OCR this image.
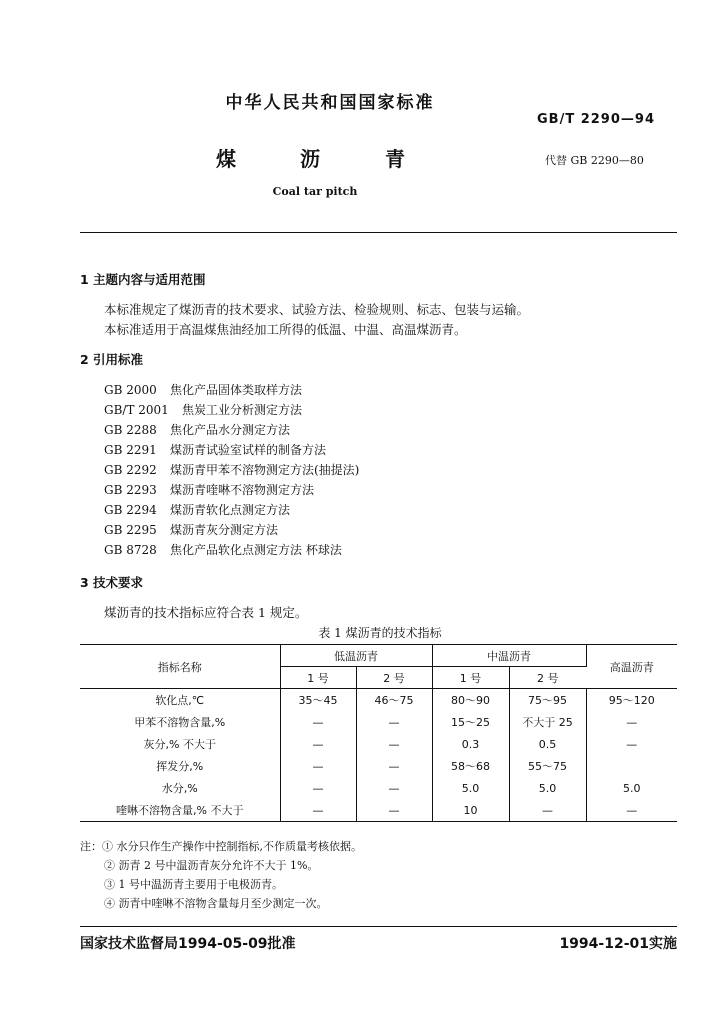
中华人民共和国国家标准
GB/T 2290—94
煤	沥	青	代替 GB 2290—80
Coal tar pitch
1 主题内容与适用范围
本标准规定了煤沥青的技术要求、试验方法、检验规则、标志、包装与运输。
本标准适用于高温煤焦油经加工所得的低温、中温、高温煤沥青。
2 引用标准
GB 2000 焦化产品固体类取样方法
GB/T 2001 焦炭工业分析测定方法
GB 2288 焦化产品水分测定方法
GB 2291 煤沥青试验室试样的制备方法
GB 2292 煤沥青甲苯不溶物测定方法(抽提法)
GB 2293 煤沥青喹啉不溶物测定方法
GB 2294 煤沥青软化点测定方法
GB 2295 煤沥青灰分测定方法
GB 8728 焦化产品软化点测定方法 杯球法
3 技术要求
煤沥青的技术指标应符合表 1 规定。
表 1 煤沥青的技术指标
指标名称	低温沥青		中温沥青		高温沥青
	1 号	2 号	1 号	2 号	
软化点,℃	35～45	46～75	80～90	75～95	95～120
甲苯不溶物含量,%	—	—	15～25	不大于 25	—
灰分,% 不大于	—	—	0.3	0.5	—
挥发分,%	—	—	58～68	55～75	
水分,%	—	—	5.0	5.0	5.0
喹啉不溶物含量,% 不大于	—	—	10	—	—
注：① 水分只作生产操作中控制指标,不作质量考核依据。
② 沥青 2 号中温沥青灰分允许不大于 1%。
③ 1 号中温沥青主要用于电极沥青。
④ 沥青中喹啉不溶物含量每月至少测定一次。
国家技术监督局1994-05-09批准	1994-12-01实施
